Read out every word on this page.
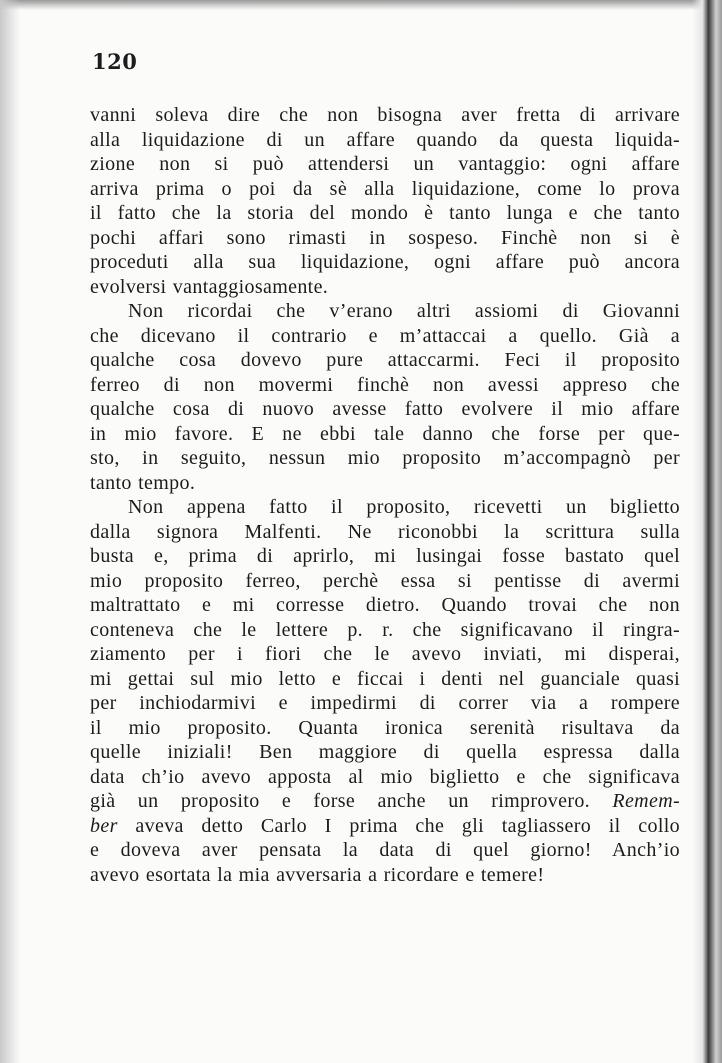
120
vanni soleva dire che non bisogna aver fretta di arrivare
alla liquidazione di un affare quando da questa liquida-
zione non si può attendersi un vantaggio: ogni affare
arriva prima o poi da sè alla liquidazione, come lo prova
il fatto che la storia del mondo è tanto lunga e che tanto
pochi affari sono rimasti in sospeso. Finchè non si è
proceduti alla sua liquidazione, ogni affare può ancora
evolversi vantaggiosamente.
Non ricordai che v’erano altri assiomi di Giovanni
che dicevano il contrario e m’attaccai a quello. Già a
qualche cosa dovevo pure attaccarmi. Feci il proposito
ferreo di non movermi finchè non avessi appreso che
qualche cosa di nuovo avesse fatto evolvere il mio affare
in mio favore. E ne ebbi tale danno che forse per que-
sto, in seguito, nessun mio proposito m’accompagnò per
tanto tempo.
Non appena fatto il proposito, ricevetti un biglietto
dalla signora Malfenti. Ne riconobbi la scrittura sulla
busta e, prima di aprirlo, mi lusingai fosse bastato quel
mio proposito ferreo, perchè essa si pentisse di avermi
maltrattato e mi corresse dietro. Quando trovai che non
conteneva che le lettere p. r. che significavano il ringra-
ziamento per i fiori che le avevo inviati, mi disperai,
mi gettai sul mio letto e ficcai i denti nel guanciale quasi
per inchiodarmivi e impedirmi di correr via a rompere
il mio proposito. Quanta ironica serenità risultava da
quelle iniziali! Ben maggiore di quella espressa dalla
data ch’io avevo apposta al mio biglietto e che significava
già un proposito e forse anche un rimprovero. Remem-
ber aveva detto Carlo I prima che gli tagliassero il collo
e doveva aver pensata la data di quel giorno! Anch’io
avevo esortata la mia avversaria a ricordare e temere!
